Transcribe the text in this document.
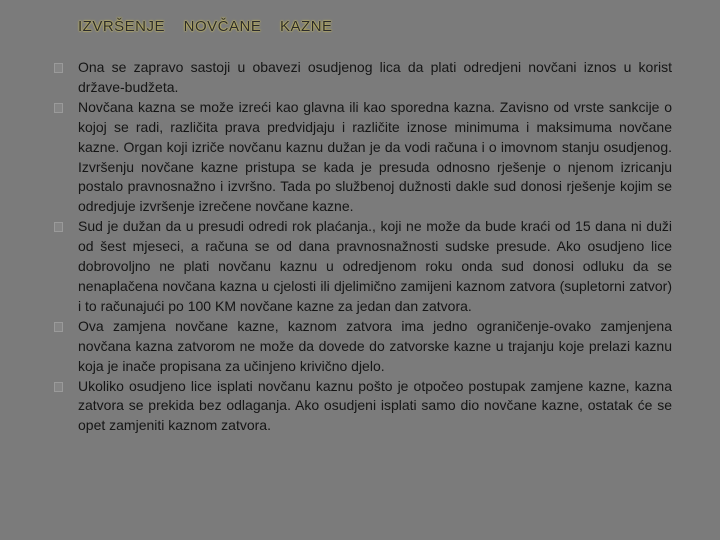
IZVRŠENJE NOVČANE KAZNE
Ona se zapravo sastoji u obavezi osudjenog lica da plati odredjeni novčani iznos u korist države-budžeta.
Novčana kazna se može izreći kao glavna ili kao sporedna kazna. Zavisno od vrste sankcije o kojoj se radi, različita prava predvidjaju i različite iznose minimuma i maksimuma novčane kazne. Organ koji izriče novčanu kaznu dužan je da vodi računa i o imovnom stanju osudjenog. Izvršenju novčane kazne pristupa se kada je presuda odnosno rješenje o njenom izricanju postalo pravnosnažno i izvršno. Tada po službenoj dužnosti dakle sud donosi rješenje kojim se odredjuje izvršenje izrečene novčane kazne.
Sud je dužan da u presudi odredi rok plaćanja., koji ne može da bude kraći od 15 dana ni duži od šest mjeseci, a računa se od dana pravnosnažnosti sudske presude. Ako osudjeno lice dobrovoljno ne plati novčanu kaznu u odredjenom roku onda sud donosi odluku da se nenaplačena novčana kazna u cjelosti ili djelimično zamijeni kaznom zatvora (supletorni zatvor) i to računajući po 100 KM novčane kazne za jedan dan zatvora.
Ova zamjena novčane kazne, kaznom zatvora ima jedno ograničenje-ovako zamjenjena novčana kazna zatvorom ne može da dovede do zatvorske kazne u trajanju koje prelazi kaznu koja je inače propisana za učinjeno krivično djelo.
Ukoliko osudjeno lice isplati novčanu kaznu pošto je otpočeo postupak zamjene kazne, kazna zatvora se prekida bez odlaganja. Ako osudjeni isplati samo dio novčane kazne, ostatak će se opet zamjeniti kaznom zatvora.
